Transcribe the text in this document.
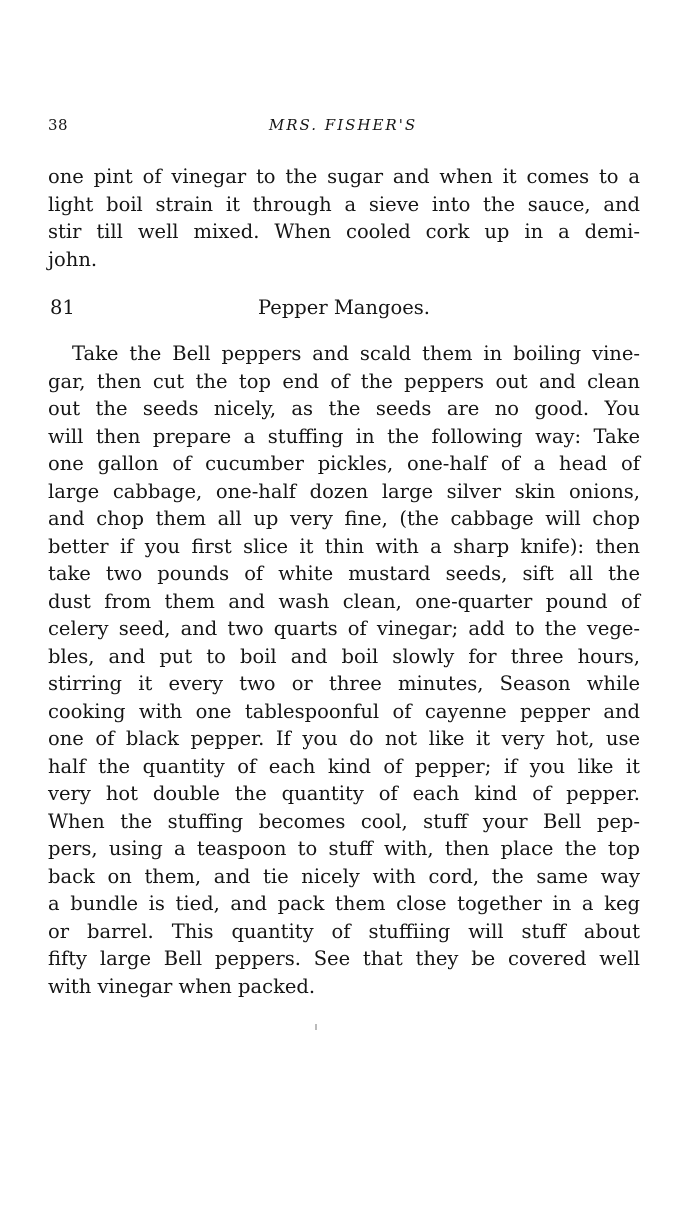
38	MRS. FISHER'S
one pint of vinegar to the sugar and when it comes to a
light boil strain it through a sieve into the sauce, and
stir till well mixed. When cooled cork up in a demi-
john.
81	Pepper Mangoes.
Take the Bell peppers and scald them in boiling vine-
gar, then cut the top end of the peppers out and clean
out the seeds nicely, as the seeds are no good. You
will then prepare a stuffing in the following way: Take
one gallon of cucumber pickles, one-half of a head of
large cabbage, one-half dozen large silver skin onions,
and chop them all up very fine, (the cabbage will chop
better if you first slice it thin with a sharp knife): then
take two pounds of white mustard seeds, sift all the
dust from them and wash clean, one-quarter pound of
celery seed, and two quarts of vinegar; add to the vege-
bles, and put to boil and boil slowly for three hours,
stirring it every two or three minutes, Season while
cooking with one tablespoonful of cayenne pepper and
one of black pepper. If you do not like it very hot, use
half the quantity of each kind of pepper; if you like it
very hot double the quantity of each kind of pepper.
When the stuffing becomes cool, stuff your Bell pep-
pers, using a teaspoon to stuff with, then place the top
back on them, and tie nicely with cord, the same way
a bundle is tied, and pack them close together in a keg
or barrel. This quantity of stuffiing will stuff about
fifty large Bell peppers. See that they be covered well
with vinegar when packed.
